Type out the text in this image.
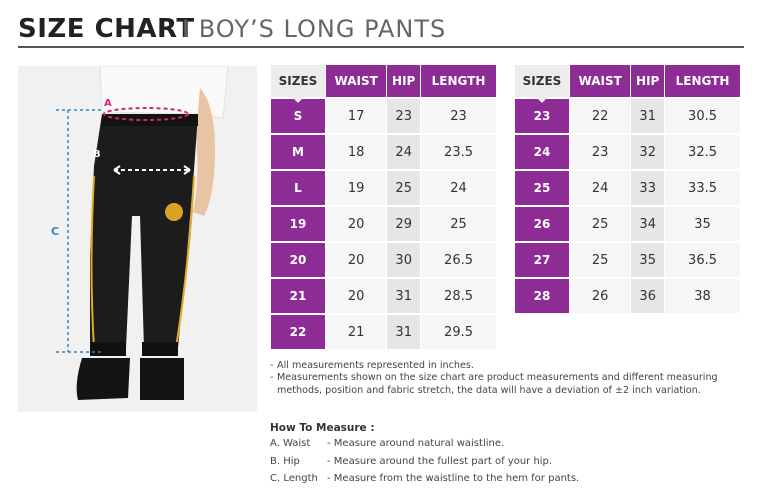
SIZE CHART
I BOY’S LONG PANTS
A
B
C
SIZES	WAIST	HIP	LENGTH
S	17	23	23
M	18	24	23.5
L	19	25	24
19	20	29	25
20	20	30	26.5
21	20	31	28.5
22	21	31	29.5
SIZES	WAIST	HIP	LENGTH
23	22	31	30.5
24	23	32	32.5
25	24	33	33.5
26	25	34	35
27	25	35	36.5
28	26	36	38
- All measurements represented in inches.
- Measurements shown on the size chart are product measurements and different measuring methods, position and fabric stretch, the data will have a deviation of ±2 inch variation.
How To Measure :
A. Waist - Measure around natural waistline.
B. Hip	- Measure around the fullest part of your hip.
C. Length - Measure from the waistline to the hem for pants.
